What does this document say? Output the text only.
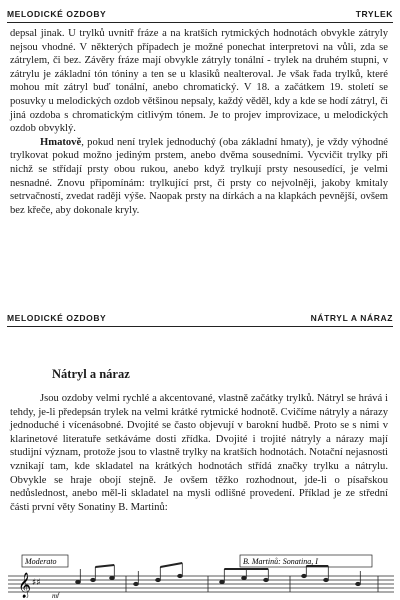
MELODICKÉ OZDOBY	TRYLEK

depsal jinak. U trylků uvnitř fráze a na kratších rytmických hodnotách obvykle zátryly nejsou vhodné. V některých případech je možné ponechat interpretovi na vůli, zda se zátrylem, či bez. Závěry fráze mají obvykle zátryly tonální - trylek na druhém stupni, v zátrylu je základní tón tóniny a ten se u klasiků nealteroval. Je však řada trylků, které mohou mít zátryl buď tonální, anebo chromatický. V 18. a začátkem 19. století se posuvky u melodických ozdob většinou nepsaly, každý věděl, kdy a kde se hodí zátryl, či jiná ozdoba s chromatickým citlivým tónem. Je to projev improvizace, u melodických ozdob obvyklý.

Hmatově, pokud není trylek jednoduchý (oba základní hmaty), je vždy výhodné trylkovat pokud možno jediným prstem, anebo dvěma sousedními. Vycvičit trylky při nichž se střídají prsty obou rukou, anebo když trylkují prsty nesousedící, je velmi nesnadné. Znovu připomínám: trylkující prst, či prsty co nejvolněji, jakoby kmitaly setrvačností, zvedat raději výše. Naopak prsty na dírkách a na klapkách pevnější, ovšem bez křeče, aby dokonale kryly.

MELODICKÉ OZDOBY	NÁTRYL A NÁRAZ
Nátryl a náraz

Jsou ozdoby velmi rychlé a akcentované, vlastně začátky trylků. Nátryl se hrává i tehdy, je-li předepsán trylek na velmi krátké rytmické hodnotě. Cvičíme nátryly a nárazy jednoduché i vícenásobné. Dvojité se často objevují v barokní hudbě. Proto se s nimi v klarinetové literatuře setkáváme dosti zřídka. Dvojité i trojité nátryly a nárazy mají studijní význam, protože jsou to vlastně trylky na kratších hodnotách. Notační nejasnosti vznikají tam, kde skladatel na krátkých hodnotách střídá značky trylku a nátrylu. Obvykle se hraje obojí stejně. Je ovšem těžko rozhodnout, jde-li o písařskou nedůslednost, anebo měl-li skladatel na mysli odlišné provedení. Příklad je ze střední části první věty Sonatiny B. Martinů:

Moderato	B. Martinů: Sonatina, I
𝄞 ♯♯
mf
